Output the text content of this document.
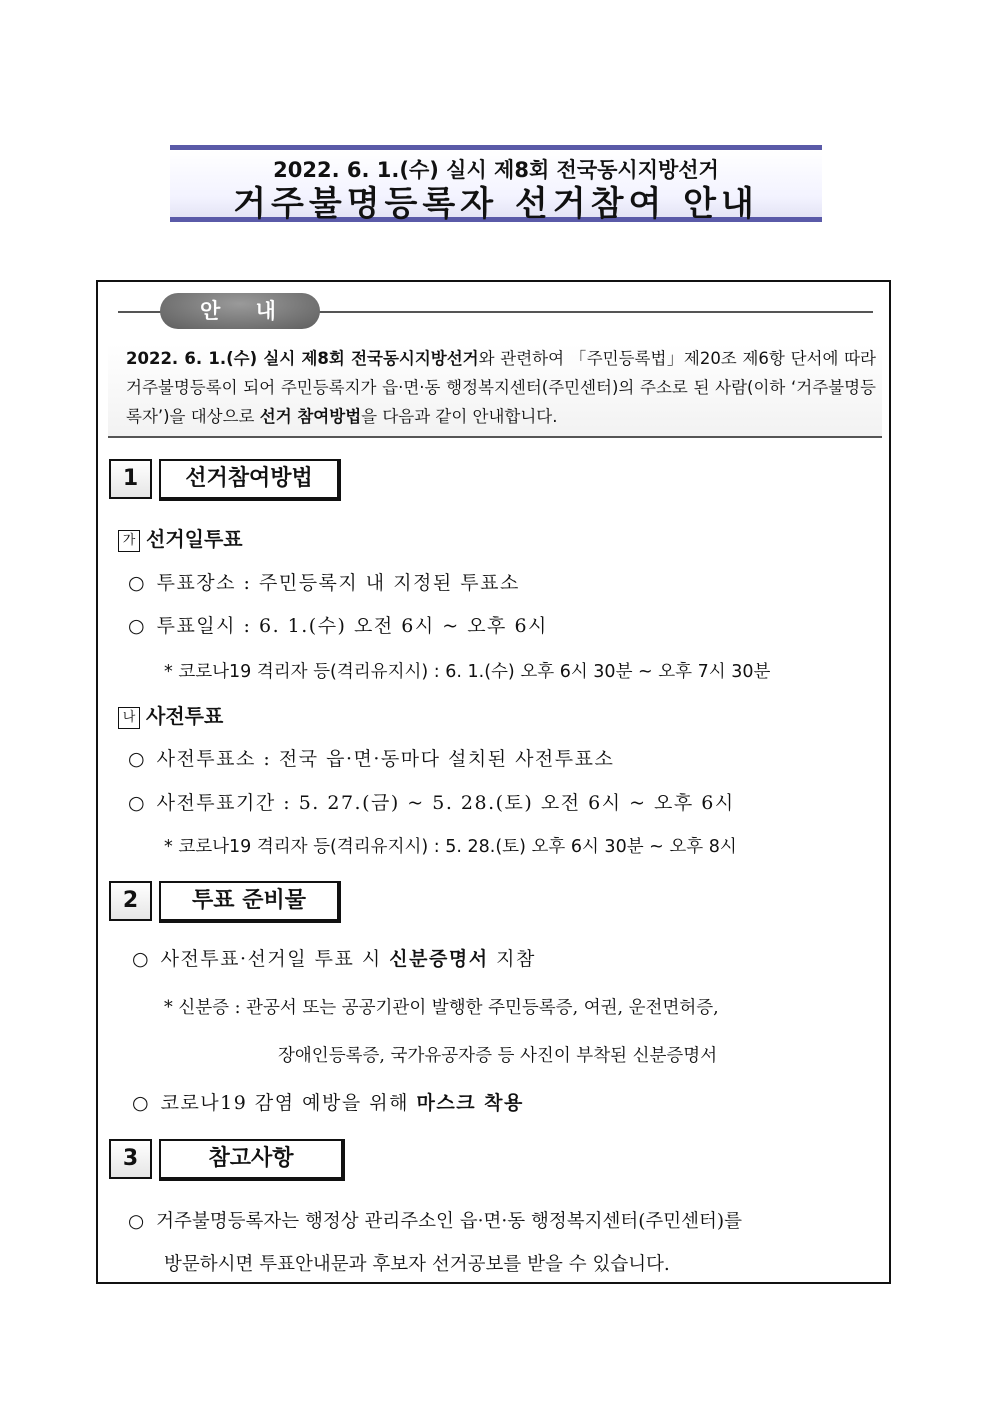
2022. 6. 1.(수) 실시 제8회 전국동시지방선거
거주불명등록자 선거참여 안내
안 내
2022. 6. 1.(수) 실시 제8회 전국동시지방선거와 관련하여 「주민등록법」제20조 제6항 단서에 따라 거주불명등록이 되어 주민등록지가 읍·면·동 행정복지센터(주민센터)의 주소로 된 사람(이하 ‘거주불명등록자’)을 대상으로 선거 참여방법을 다음과 같이 안내합니다.
1	선거참여방법
가 선거일투표
○ 투표장소 : 주민등록지 내 지정된 투표소
○ 투표일시 : 6. 1.(수) 오전 6시 ~ 오후 6시
* 코로나19 격리자 등(격리유지시) : 6. 1.(수) 오후 6시 30분 ~ 오후 7시 30분
나 사전투표
○ 사전투표소 : 전국 읍·면·동마다 설치된 사전투표소
○ 사전투표기간 : 5. 27.(금) ~ 5. 28.(토) 오전 6시 ~ 오후 6시
* 코로나19 격리자 등(격리유지시) : 5. 28.(토) 오후 6시 30분 ~ 오후 8시
2	투표 준비물
○ 사전투표·선거일 투표 시 신분증명서 지참
* 신분증 : 관공서 또는 공공기관이 발행한 주민등록증, 여권, 운전면허증,
장애인등록증, 국가유공자증 등 사진이 부착된 신분증명서
○ 코로나19 감염 예방을 위해 마스크 착용
3	참고사항
○ 거주불명등록자는 행정상 관리주소인 읍·면·동 행정복지센터(주민센터)를
방문하시면 투표안내문과 후보자 선거공보를 받을 수 있습니다.
